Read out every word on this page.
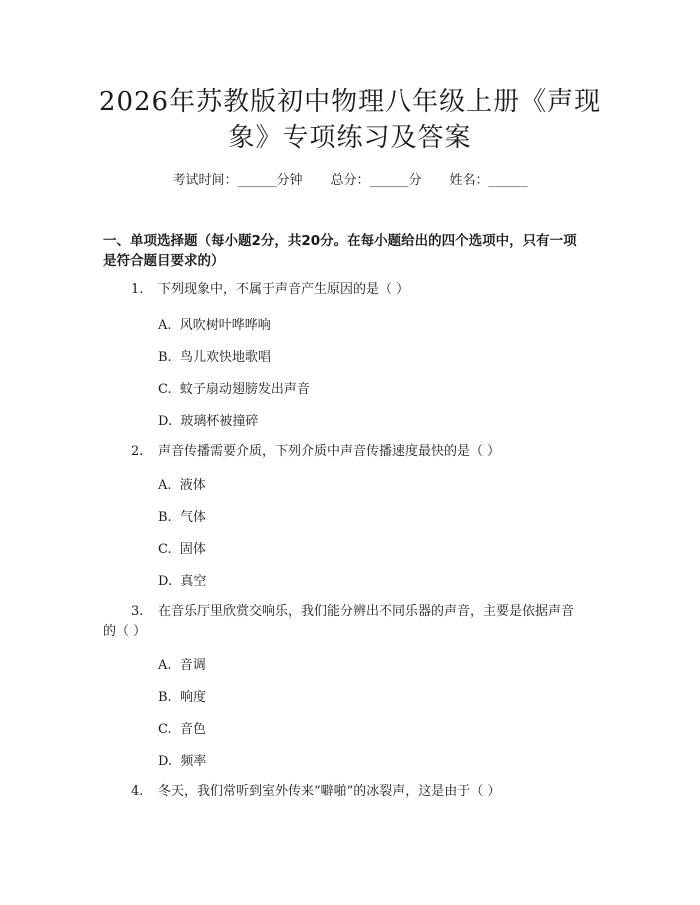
2026年苏教版初中物理八年级上册《声现
象》专项练习及答案
考试时间：______分钟 总分：______分 姓名：______
一、单项选择题（每小题2分，共20分。在每小题给出的四个选项中，只有一项
是符合题目要求的）
1. 下列现象中，不属于声音产生原因的是（ ）
A.  风吹树叶哗哗响
B.  鸟儿欢快地歌唱
C.  蚊子扇动翅膀发出声音
D.  玻璃杯被撞碎
2. 声音传播需要介质，下列介质中声音传播速度最快的是（ ）
A.  液体
B.  气体
C.  固体
D.  真空
3. 在音乐厅里欣赏交响乐，我们能分辨出不同乐器的声音，主要是依据声音
的（ ）
A.  音调
B.  响度
C.  音色
D.  频率
4. 冬天，我们常听到室外传来“噼啪”的冰裂声，这是由于（ ）
